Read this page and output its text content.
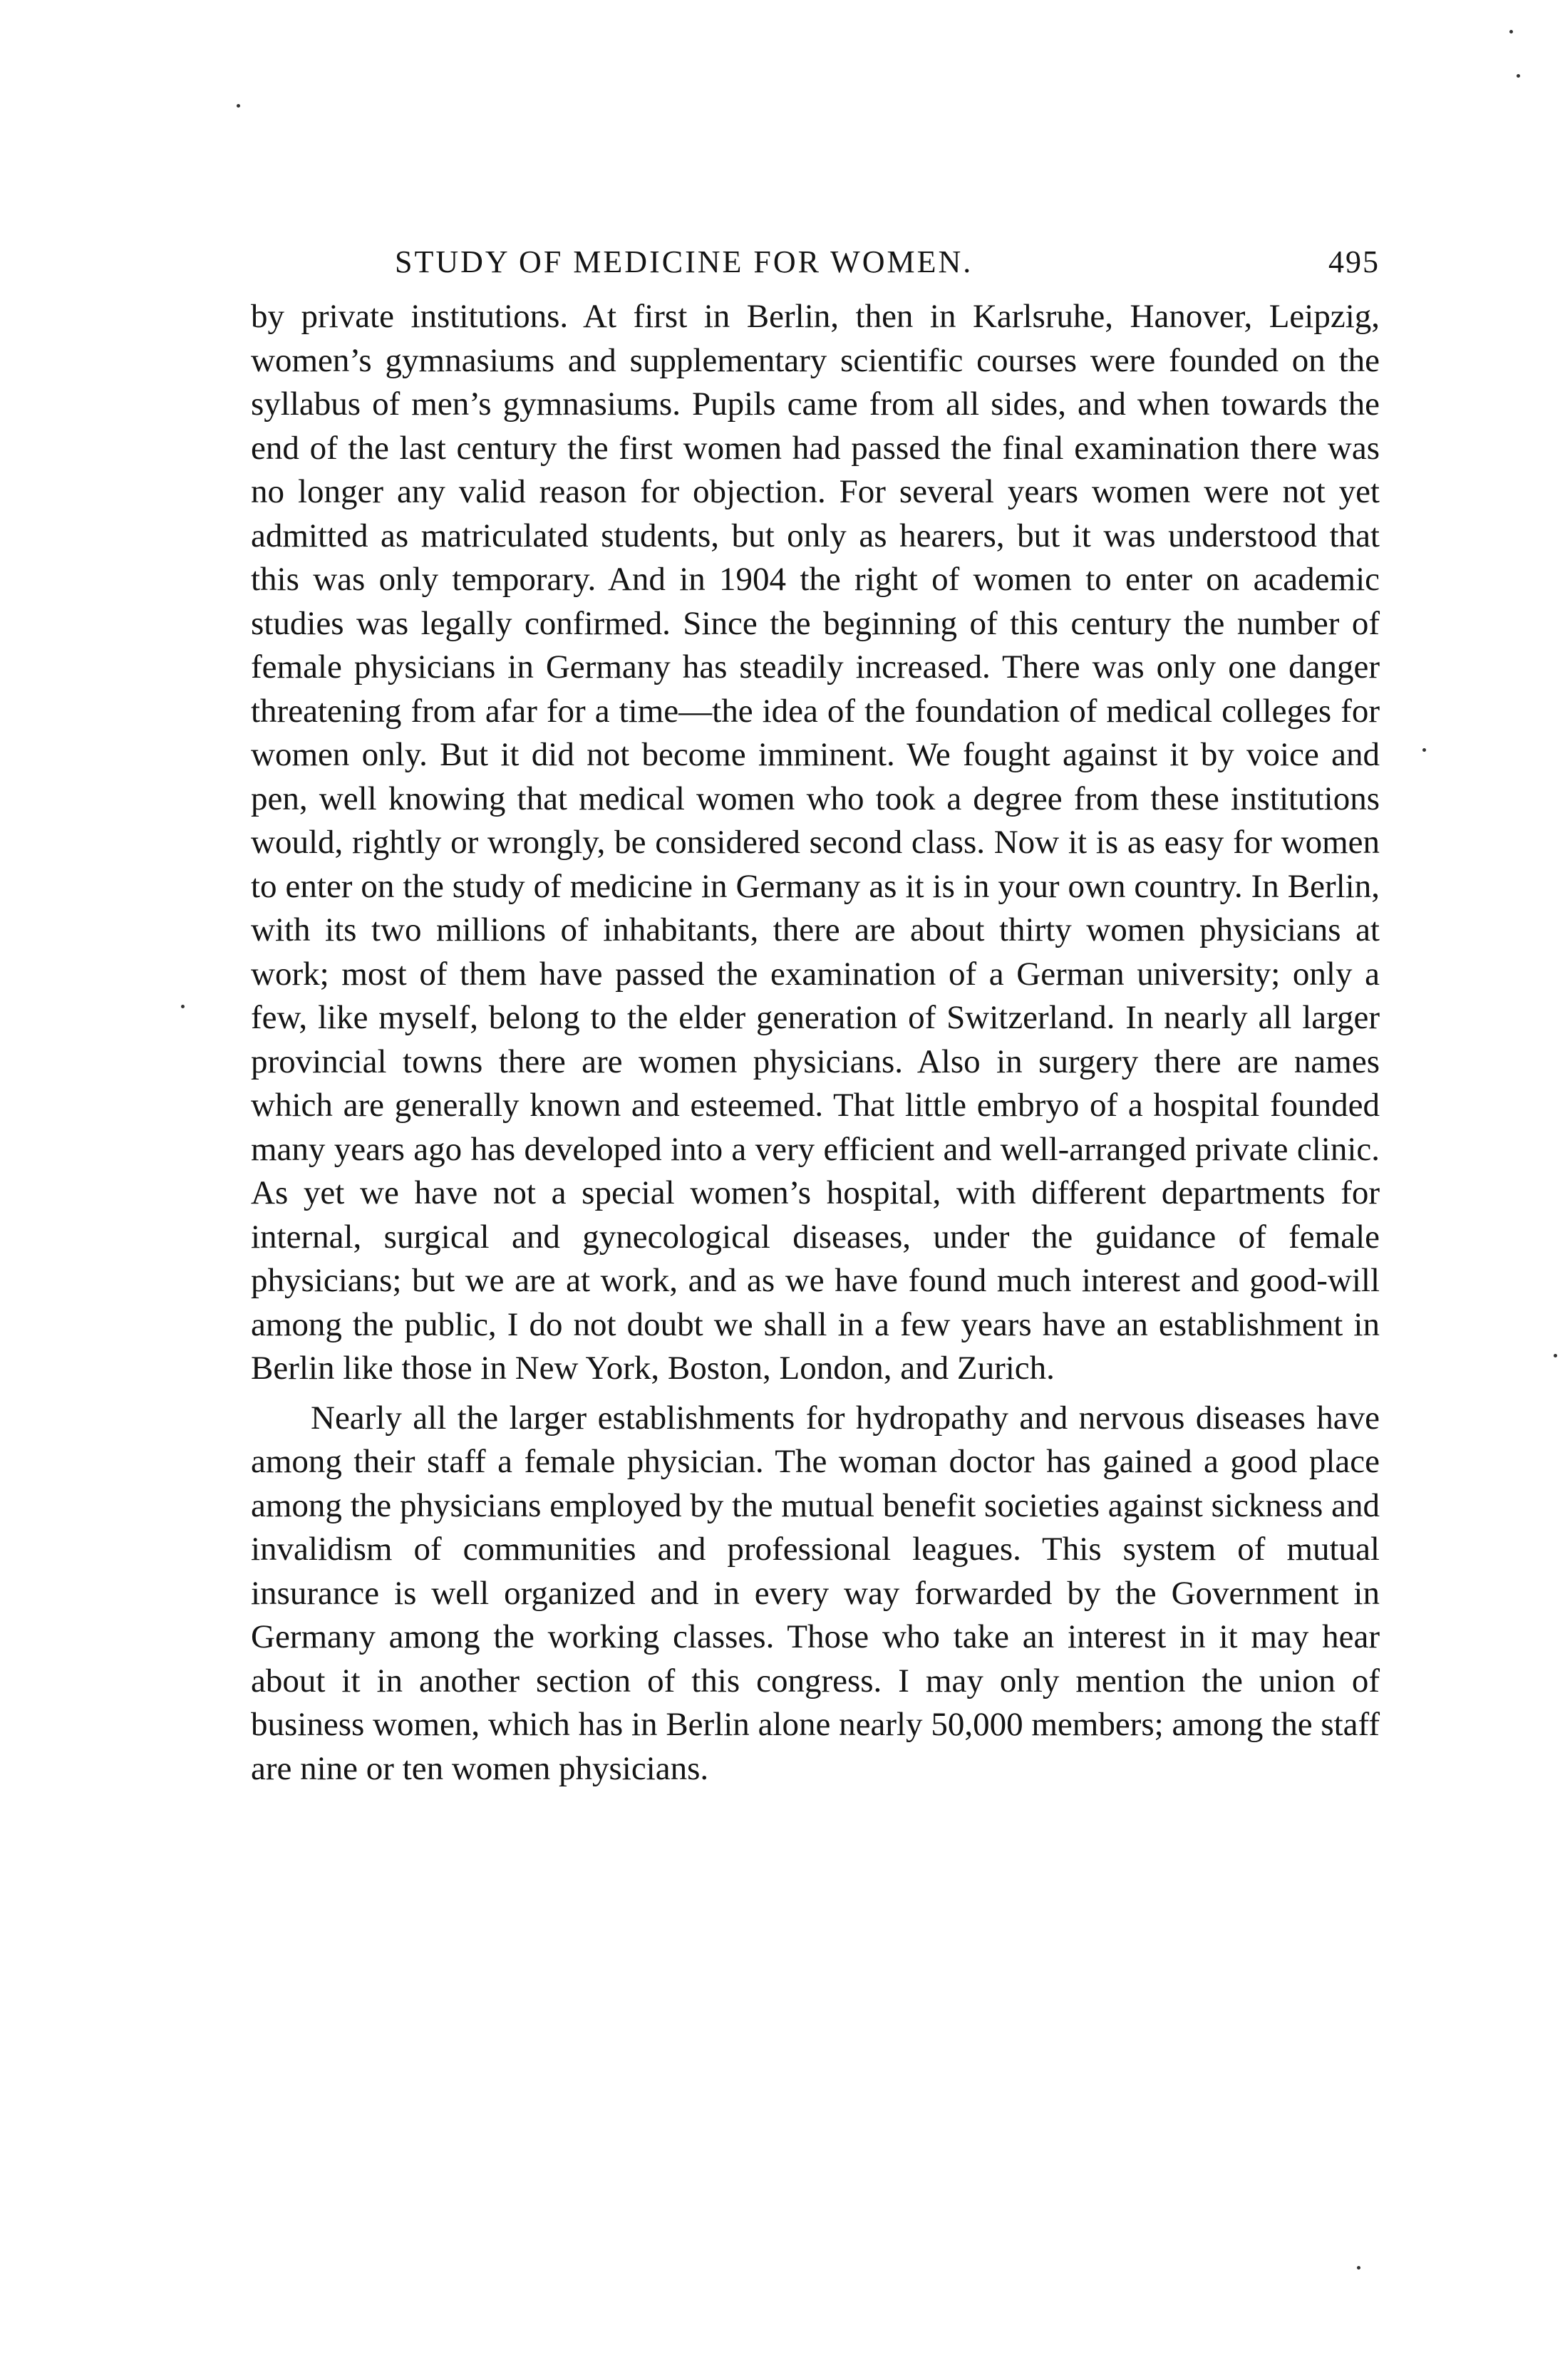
STUDY OF MEDICINE FOR WOMEN.	495

by private institutions. At first in Berlin, then in Karlsruhe, Hanover, Leipzig, women’s gymnasiums and supplementary scientific courses were founded on the syllabus of men’s gymnasiums. Pupils came from all sides, and when towards the end of the last century the first women had passed the final examination there was no longer any valid reason for objection. For several years women were not yet admitted as matriculated students, but only as hearers, but it was understood that this was only temporary. And in 1904 the right of women to enter on academic studies was legally confirmed. Since the beginning of this century the number of female physicians in Germany has steadily increased. There was only one danger threatening from afar for a time—the idea of the foundation of medical colleges for women only. But it did not become imminent. We fought against it by voice and pen, well knowing that medical women who took a degree from these institutions would, rightly or wrongly, be considered second class. Now it is as easy for women to enter on the study of medicine in Germany as it is in your own country. In Berlin, with its two millions of inhabitants, there are about thirty women physicians at work; most of them have passed the examination of a German university; only a few, like myself, belong to the elder generation of Switzerland. In nearly all larger provincial towns there are women physicians. Also in surgery there are names which are generally known and esteemed. That little embryo of a hospital founded many years ago has developed into a very efficient and well-arranged private clinic. As yet we have not a special women’s hospital, with different departments for internal, surgical and gynecological diseases, under the guidance of female physicians; but we are at work, and as we have found much interest and good-will among the public, I do not doubt we shall in a few years have an establishment in Berlin like those in New York, Boston, London, and Zurich.

Nearly all the larger establishments for hydropathy and nervous diseases have among their staff a female physician. The woman doctor has gained a good place among the physicians employed by the mutual benefit societies against sickness and invalidism of communities and professional leagues. This system of mutual insurance is well organized and in every way forwarded by the Government in Germany among the working classes. Those who take an interest in it may hear about it in another section of this congress. I may only mention the union of business women, which has in Berlin alone nearly 50,000 members; among the staff are nine or ten women physicians.
